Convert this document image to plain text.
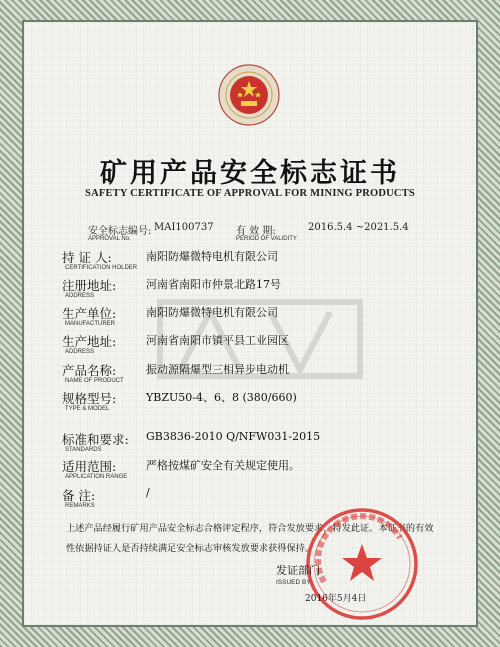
矿用产品安全标志证书
SAFETY CERTIFICATE OF APPROVAL FOR MINING PRODUCTS
安全标志编号: MAI100737
APPROVAL No.
有 效 期:	2016.5.4 ~2021.5.4
PERIOD OF VALIDITY
持 证 人:	南阳防爆微特电机有限公司
CERTIFICATION HOLDER
注册地址:	河南省南阳市仲景北路17号
ADDRESS
生产单位:	南阳防爆微特电机有限公司
MANUFACTURER
生产地址:	河南省南阳市镇平县工业园区
ADDRESS
产品名称:	振动源隔爆型三相异步电动机
NAME OF PRODUCT
规格型号:	YBZU50-4、6、8 (380/660)
TYPE & MODEL
标准和要求: GB3836-2010 Q/NFW031-2015
STANDARDS
适用范围:	严格按煤矿安全有关规定使用。
APPLICATION RANGE
备 注:	/
REMARKS
上述产品经履行矿用产品安全标志合格评定程序，符合发放要求，特发此证。本证书的有效性依据持证人是否持续满足安全标志审核发放要求获得保持。
发证部门
ISSUED BY
2016年5月4日
